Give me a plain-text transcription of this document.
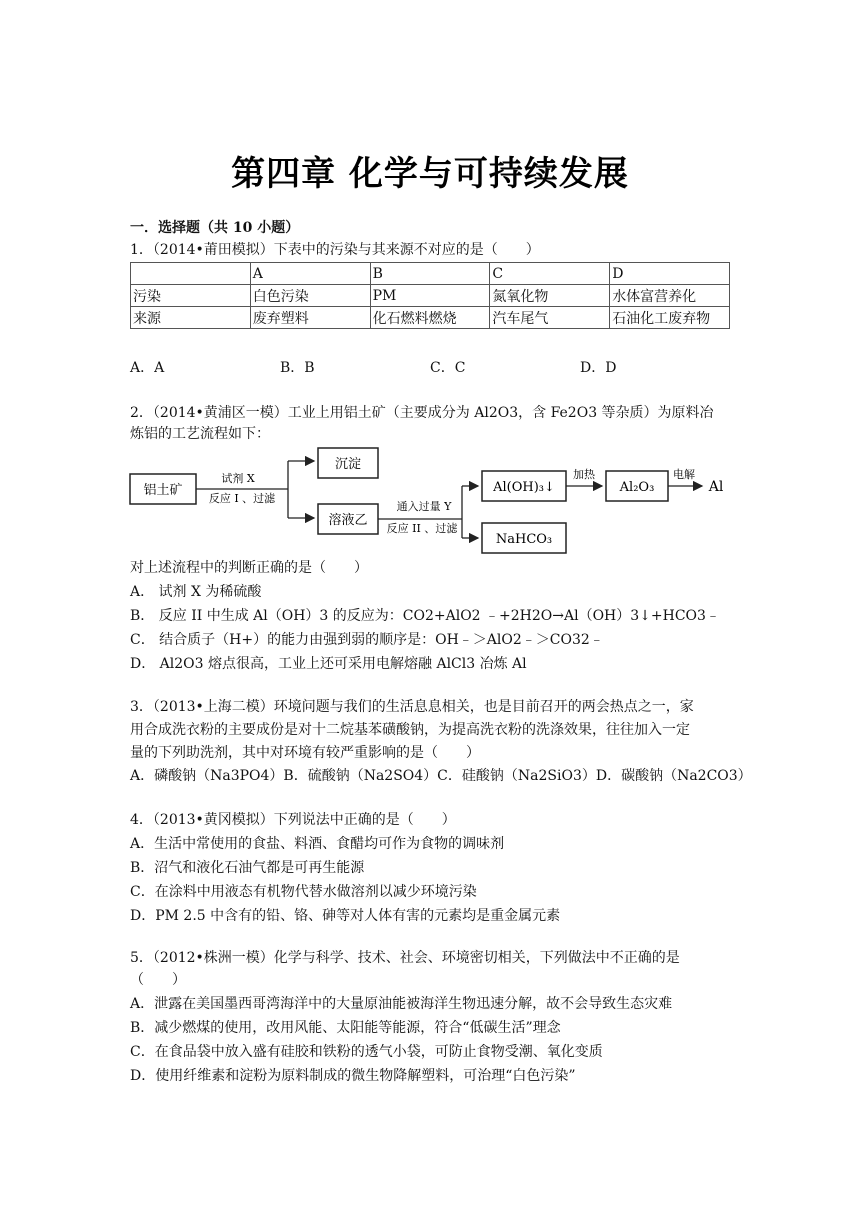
第四章 化学与可持续发展
一．选择题（共 10 小题）
1．（2014•莆田模拟）下表中的污染与其来源不对应的是（　　）
	A	B	C	D
污染	白色污染	PM	氮氧化物	水体富营养化
来源	废弃塑料	化石燃料燃烧	汽车尾气	石油化工废弃物
A．A	B．B	C．C	D．D
2．（2014•黄浦区一模）工业上用铝土矿（主要成分为 Al2O3，含 Fe2O3 等杂质）为原料冶
炼铝的工艺流程如下：
铝土矿
试剂 X
反应 I 、过滤
沉淀
溶液乙
通入过量 Y
反应 II 、过滤
Al(OH)₃↓
NaHCO₃
加热
Al₂O₃
电解
Al
对上述流程中的判断正确的是（　　）
A． 试剂 X 为稀硫酸
B． 反应 II 中生成 Al（OH）3 的反应为：CO2+AlO2 ﹣+2H2O→Al（OH）3↓+HCO3﹣
C． 结合质子（H+）的能力由强到弱的顺序是：OH﹣＞AlO2﹣＞CO32﹣
D． Al2O3 熔点很高，工业上还可采用电解熔融 AlCl3 冶炼 Al
3．（2013•上海二模）环境问题与我们的生活息息相关，也是目前召开的两会热点之一，家
用合成洗衣粉的主要成份是对十二烷基苯磺酸钠，为提高洗衣粉的洗涤效果，往往加入一定
量的下列助洗剂，其中对环境有较严重影响的是（　　）
A．磷酸钠（Na3PO4）B．硫酸钠（Na2SO4）C．硅酸钠（Na2SiO3）D．碳酸钠（Na2CO3）
4．（2013•黄冈模拟）下列说法中正确的是（　　）
A．生活中常使用的食盐、料酒、食醋均可作为食物的调味剂
B．沼气和液化石油气都是可再生能源
C．在涂料中用液态有机物代替水做溶剂以减少环境污染
D．PM 2.5 中含有的铅、铬、砷等对人体有害的元素均是重金属元素
5．（2012•株洲一模）化学与科学、技术、社会、环境密切相关，下列做法中不正确的是
（　　）
A．泄露在美国墨西哥湾海洋中的大量原油能被海洋生物迅速分解，故不会导致生态灾难
B．减少燃煤的使用，改用风能、太阳能等能源，符合“低碳生活”理念
C．在食品袋中放入盛有硅胶和铁粉的透气小袋，可防止食物受潮、氧化变质
D．使用纤维素和淀粉为原料制成的微生物降解塑料，可治理“白色污染”
